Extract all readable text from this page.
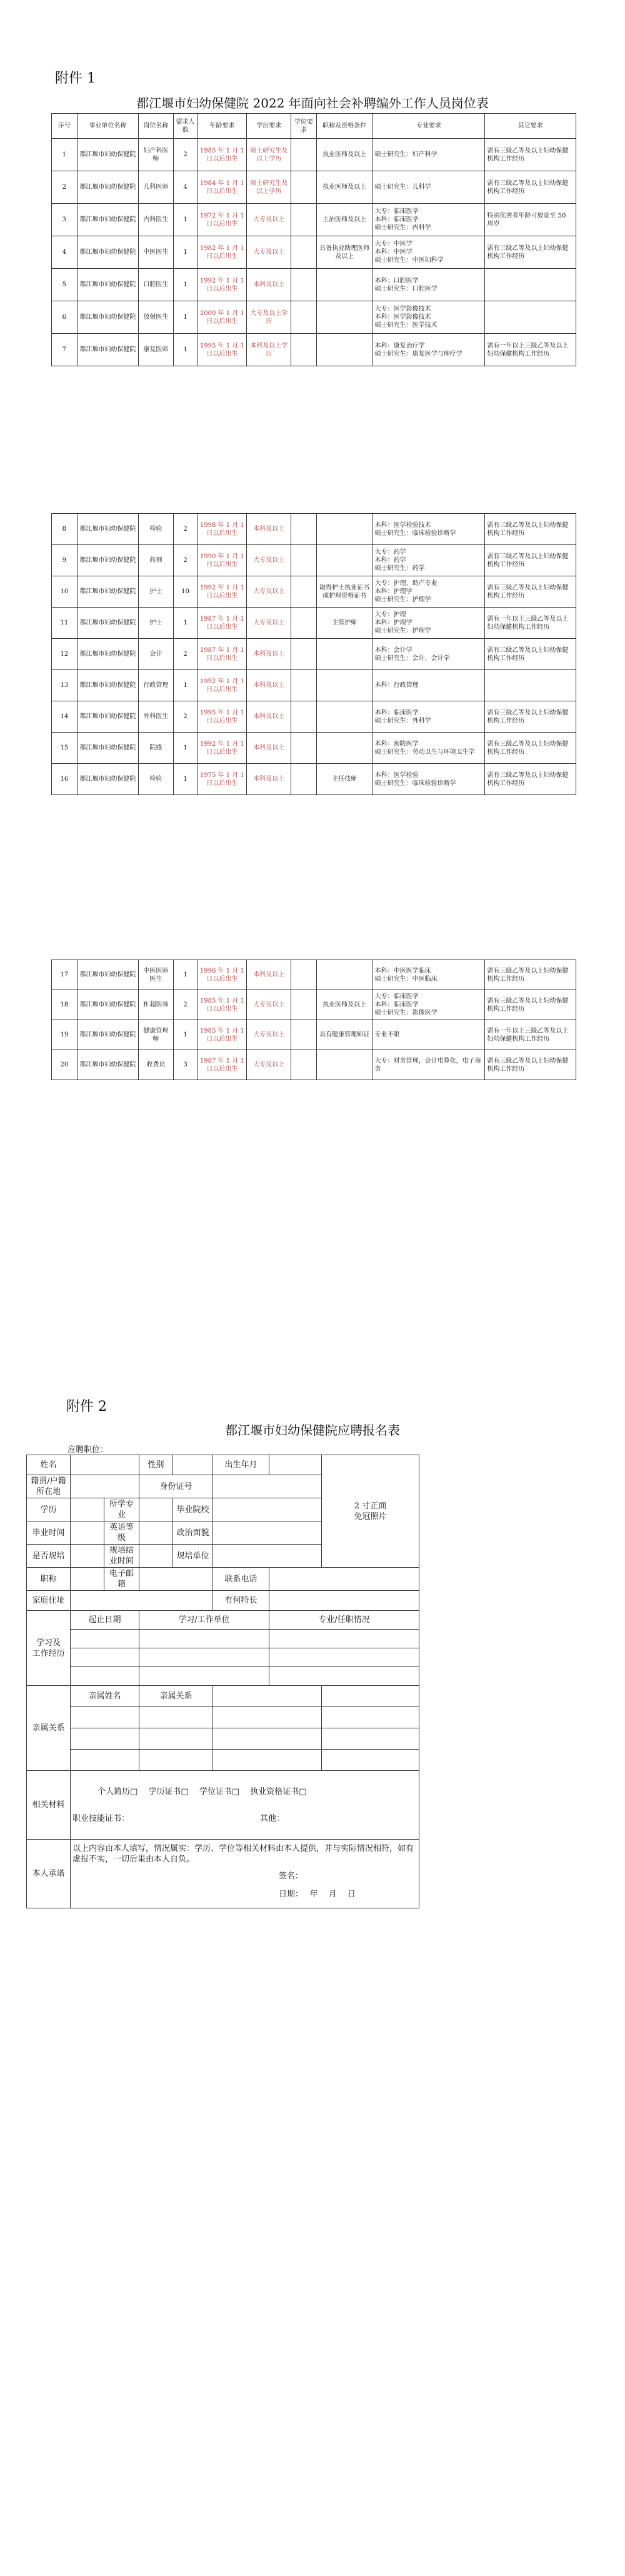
附件 1
都江堰市妇幼保健院 2022 年面向社会补聘编外工作人员岗位表
序号	事业单位名称	岗位名称	需求人数	年龄要求	学历要求	学位要求	职称及资格条件	专业要求	其它要求
1	都江堰市妇幼保健院	妇产科医师	2	1985 年 1 月 1 日以后出生	硕士研究生及以上学历		执业医师及以上	硕士研究生：妇产科学	需有三级乙等及以上妇幼保健机构工作经历
2	都江堰市妇幼保健院	儿科医师	4	1984 年 1 月 1 日以后出生	硕士研究生及以上学历		执业医师及以上	硕士研究生：儿科学	需有三级乙等及以上妇幼保健机构工作经历
3	都江堰市妇幼保健院	内科医生	1	1972 年 1 月 1 日以后出生	大专及以上		主治医师及以上	大专：临床医学
本科：临床医学
硕士研究生：内科学	特别优秀者年龄可放宽至 50 周岁
4	都江堰市妇幼保健院	中医医生	1	1982 年 1 月 1 日以后出生	大专及以上		具备执业助理医师及以上	大专：中医学
本科：中医学
硕士研究生：中医妇科学	需有三级乙等及以上妇幼保健机构工作经历
5	都江堰市妇幼保健院	口腔医生	1	1992 年 1 月 1 日以后出生	本科及以上			本科：口腔医学
硕士研究生：口腔医学	
6	都江堰市妇幼保健院	放射医生	1	2000 年 1 月 1 日以后出生	大专及以上学历			大专：医学影像技术
本科：医学影像技术
硕士研究生：医学技术	
7	都江堰市妇幼保健院	康复医师	1	1995 年 1 月 1 日以后出生	本科及以上学历			本科：康复治疗学
硕士研究生：康复医学与理疗学	需有一年以上三级乙等及以上妇幼保健机构工作经历
8	都江堰市妇幼保健院	检验	2	1998 年 1 月 1 日以后出生	本科及以上			本科：医学检验技术
硕士研究生：临床检验诊断学	需有三级乙等及以上妇幼保健机构工作经历
9	都江堰市妇幼保健院	药剂	2	1990 年 1 月 1 日以后出生	大专及以上			大专：药学
本科：药学
硕士研究生：药学	需有三级乙等及以上妇幼保健机构工作经历
10	都江堰市妇幼保健院	护士	10	1992 年 1 月 1 日以后出生	大专及以上		取得护士执业证书或护理资格证书	大专：护理，助产专业
本科：护理学
硕士研究生：护理学	需有三级乙等及以上妇幼保健机构工作经历
11	都江堰市妇幼保健院	护士	1	1987 年 1 月 1 日以后出生	大专及以上		主管护师	大专：护理
本科：护理学
硕士研究生：护理学	需有一年以上三级乙等及以上妇幼保健机构工作经历
12	都江堰市妇幼保健院	会计	2	1987 年 1 月 1 日以后出生	本科及以上			本科：会计学
硕士研究生：会计，会计学	需有三级乙等及以上妇幼保健机构工作经历
13	都江堰市妇幼保健院	行政管理	1	1992 年 1 月 1 日以后出生	本科及以上			本科：行政管理	
14	都江堰市妇幼保健院	外科医生	2	1995 年 1 月 1 日以后出生	本科及以上			本科：临床医学
硕士研究生：外科学	需有三级乙等及以上妇幼保健机构工作经历
15	都江堰市妇幼保健院	院感	1	1992 年 1 月 1 日以后出生	本科及以上			本科：预防医学
硕士研究生：劳动卫生与环境卫生学	需有三级乙等及以上妇幼保健机构工作经历
16	都江堰市妇幼保健院	检验	1	1975 年 1 月 1 日以后出生	本科及以上		主任技师	本科：医学检验
硕士研究生：临床检验诊断学	需有三级乙等及以上妇幼保健机构工作经历
17	都江堰市妇幼保健院	中医医师医生	1	1996 年 1 月 1 日以后出生	本科及以上			本科：中医医学临床
硕士研究生：中医临床	需有三级乙等及以上妇幼保健机构工作经历
18	都江堰市妇幼保健院	B 超医师	2	1985 年 1 月 1 日以后出生	大专及以上		执业医师及以上	大专：临床医学
本科：临床医学
硕士研究生：影像医学	需有三级乙等及以上妇幼保健机构工作经历
19	都江堰市妇幼保健院	健康管理师	1	1985 年 1 月 1 日以后出生	大专及以上		具有健康管理师证	专业不限	需有一年以上三级乙等及以上妇幼保健机构工作经历
20	都江堰市妇幼保健院	收费员	3	1987 年 1 月 1 日以后出生	大专及以上			大专：财务管理，会计电算化，电子商务	需有三级乙等及以上妇幼保健机构工作经历
附件 2
都江堰市妇幼保健院应聘报名表
应聘职位：
姓名			性别		出生年月		2 寸正面
免冠照片
籍贯/户籍所在地			身份证号				
学历		所学专业		毕业院校			
毕业时间		英语等级		政治面貌			
是否规培		规培结业时间		规培单位			
职称		电子邮箱			联系电话		
家庭住址					有何特长		
学习及
工作经历	起止日期		学习/工作单位			专业/任职情况	

亲属关系	亲属姓名		亲属关系				

相关材料	个人简历□　 学历证书□　 学位证书□　 执业资格证书□
职业技能证书： 其他：						

本人承诺	以上内容由本人填写，情况属实：学历、学位等相关材料由本人提供，并与实际情况相符，如有虚报不实，一切后果由本人自负。
签名：
日期：　 年　 月　 日						
